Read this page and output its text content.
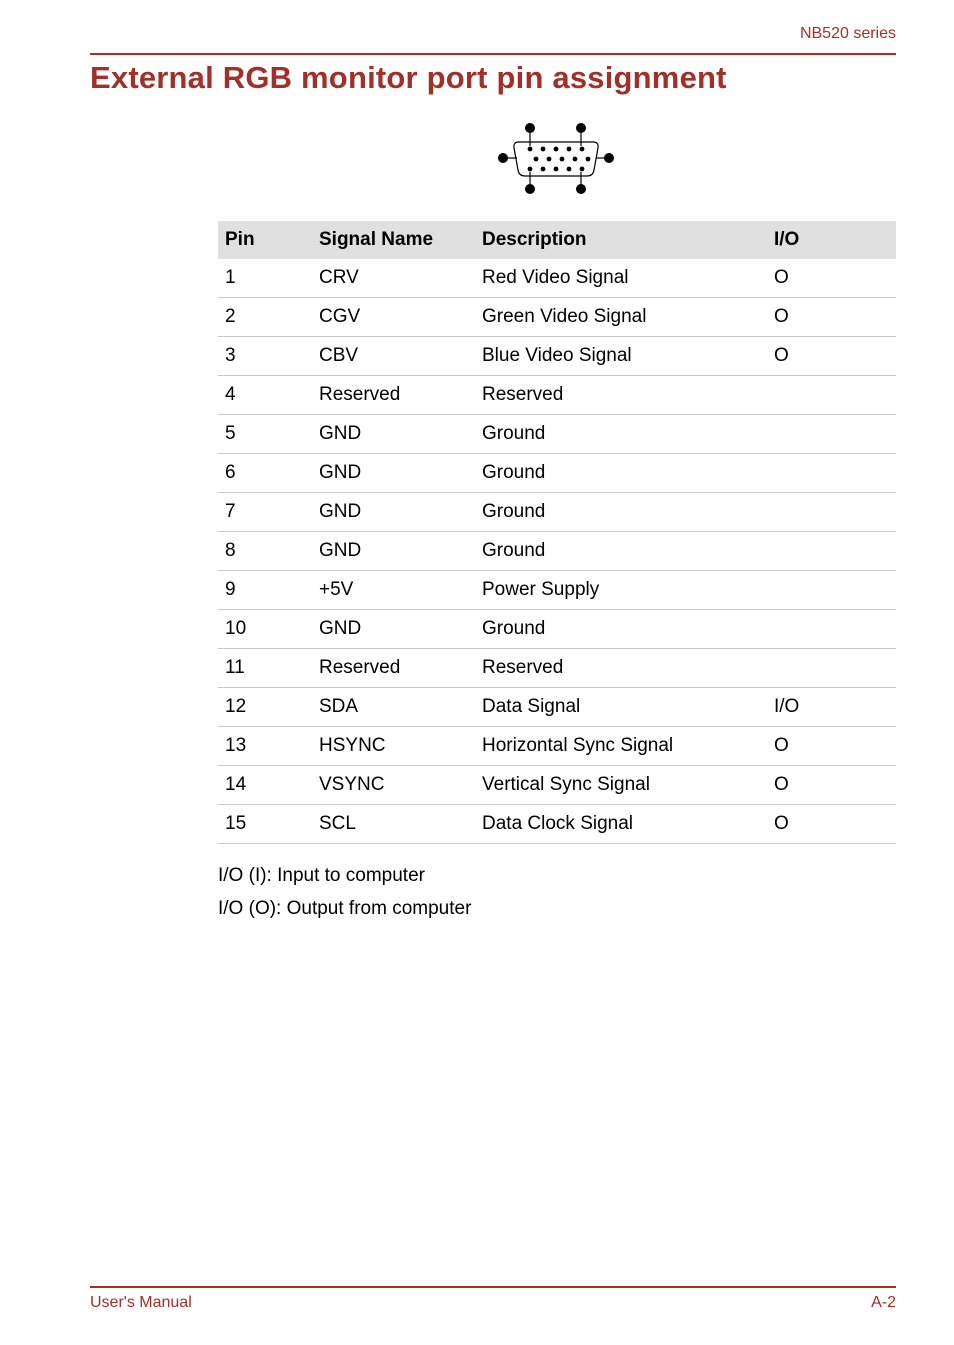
NB520 series
External RGB monitor port pin assignment
Pin	Signal Name	Description	I/O
1	CRV	Red Video Signal	O
2	CGV	Green Video Signal	O
3	CBV	Blue Video Signal	O
4	Reserved	Reserved	
5	GND	Ground	
6	GND	Ground	
7	GND	Ground	
8	GND	Ground	
9	+5V	Power Supply	
10	GND	Ground	
11	Reserved	Reserved	
12	SDA	Data Signal	I/O
13	HSYNC	Horizontal Sync Signal	O
14	VSYNC	Vertical Sync Signal	O
15	SCL	Data Clock Signal	O
I/O (I): Input to computer
I/O (O): Output from computer
User's Manual	A-2
